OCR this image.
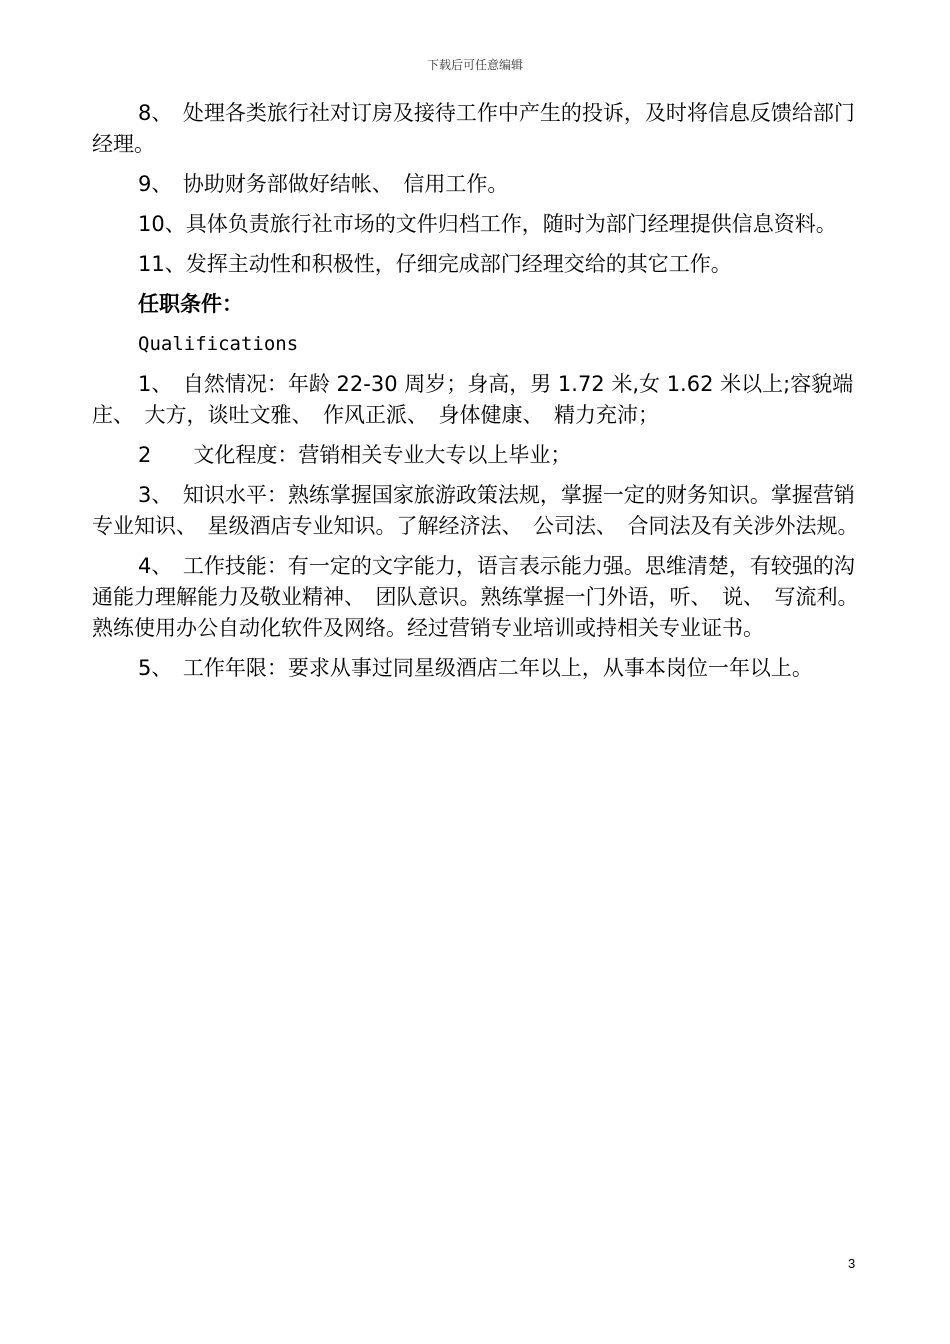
下载后可任意编辑

8、　处理各类旅行社对订房及接待工作中产生的投诉，及时将信息反馈给部门经理。

9、　协助财务部做好结帐、　信用工作。

10、具体负责旅行社市场的文件归档工作，随时为部门经理提供信息资料。

11、发挥主动性和积极性，仔细完成部门经理交给的其它工作。

任职条件：

Qualifications

1、　自然情况：年龄 22-30 周岁；身高，男 1.72 米,女 1.62 米以上;容貌端庄、　大方，谈吐文雅、　作风正派、　身体健康、　精力充沛；

2　　文化程度：营销相关专业大专以上毕业；

3、　知识水平：熟练掌握国家旅游政策法规，掌握一定的财务知识。掌握营销专业知识、　星级酒店专业知识。了解经济法、　公司法、　合同法及有关涉外法规。

4、　工作技能：有一定的文字能力，语言表示能力强。思维清楚，有较强的沟通能力理解能力及敬业精神、　团队意识。熟练掌握一门外语，听、　说、　写流利。熟练使用办公自动化软件及网络。经过营销专业培训或持相关专业证书。

5、　工作年限：要求从事过同星级酒店二年以上，从事本岗位一年以上。

3
